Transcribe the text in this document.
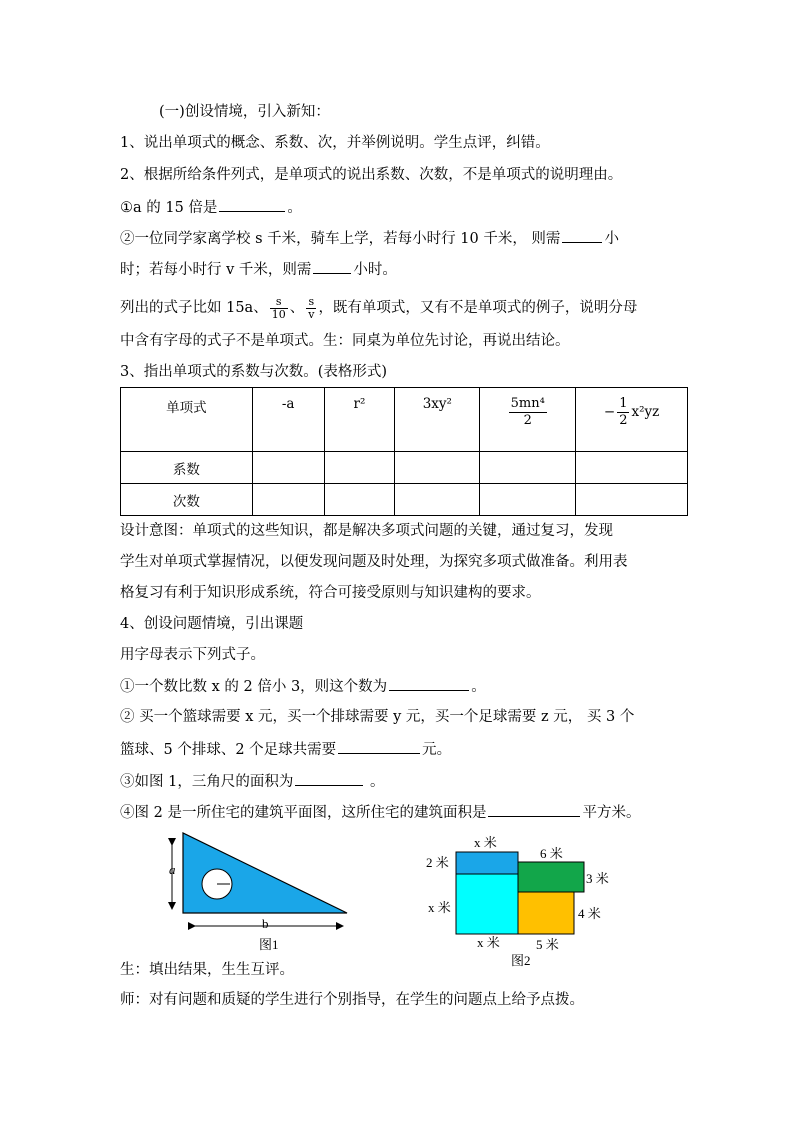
(一)创设情境，引入新知：
1、说出单项式的概念、系数、次，并举例说明。学生点评，纠错。
2、根据所给条件列式，是单项式的说出系数、次数，不是单项式的说明理由。
①a 的 15 倍是	。
②一位同学家离学校 s 千米，骑车上学，若每小时行 10 千米， 则需	小
时；若每小时行 v 千米，则需	小时。
列出的式子比如 15a、 $\frac{s}{10}$ 、 $\frac{s}{v}$ ，既有单项式，又有不是单项式的例子，说明分母
中含有字母的式子不是单项式。生：同桌为单位先讨论，再说出结论。
3、指出单项式的系数与次数。(表格形式)
单项式	-a	r²	3xy²	$\frac{\text{5mn⁴}}{2}$	− $\frac{1}{2} x^2yz$

系数					
次数					
设计意图：单项式的这些知识，都是解决多项式问题的关键，通过复习，发现
学生对单项式掌握情况，以便发现问题及时处理，为探究多项式做准备。利用表
格复习有利于知识形成系统，符合可接受原则与知识建构的要求。
4、创设问题情境，引出课题
用字母表示下列式子。
①一个数比数 x 的 2 倍小 3，则这个数为	。
② 买一个篮球需要 x 元，买一个排球需要 y 元，买一个足球需要 z 元， 买 3 个
篮球、5 个排球、2 个足球共需要	元。
③如图 1，三角尺的面积为	。
④图 2 是一所住宅的建筑平面图，这所住宅的建筑面积是	平方米。
a
b
图1
x 米
2 米
x 米
x 米
6 米
3 米
4 米
5 米
图2
生：填出结果，生生互评。
师：对有问题和质疑的学生进行个别指导，在学生的问题点上给予点拨。
